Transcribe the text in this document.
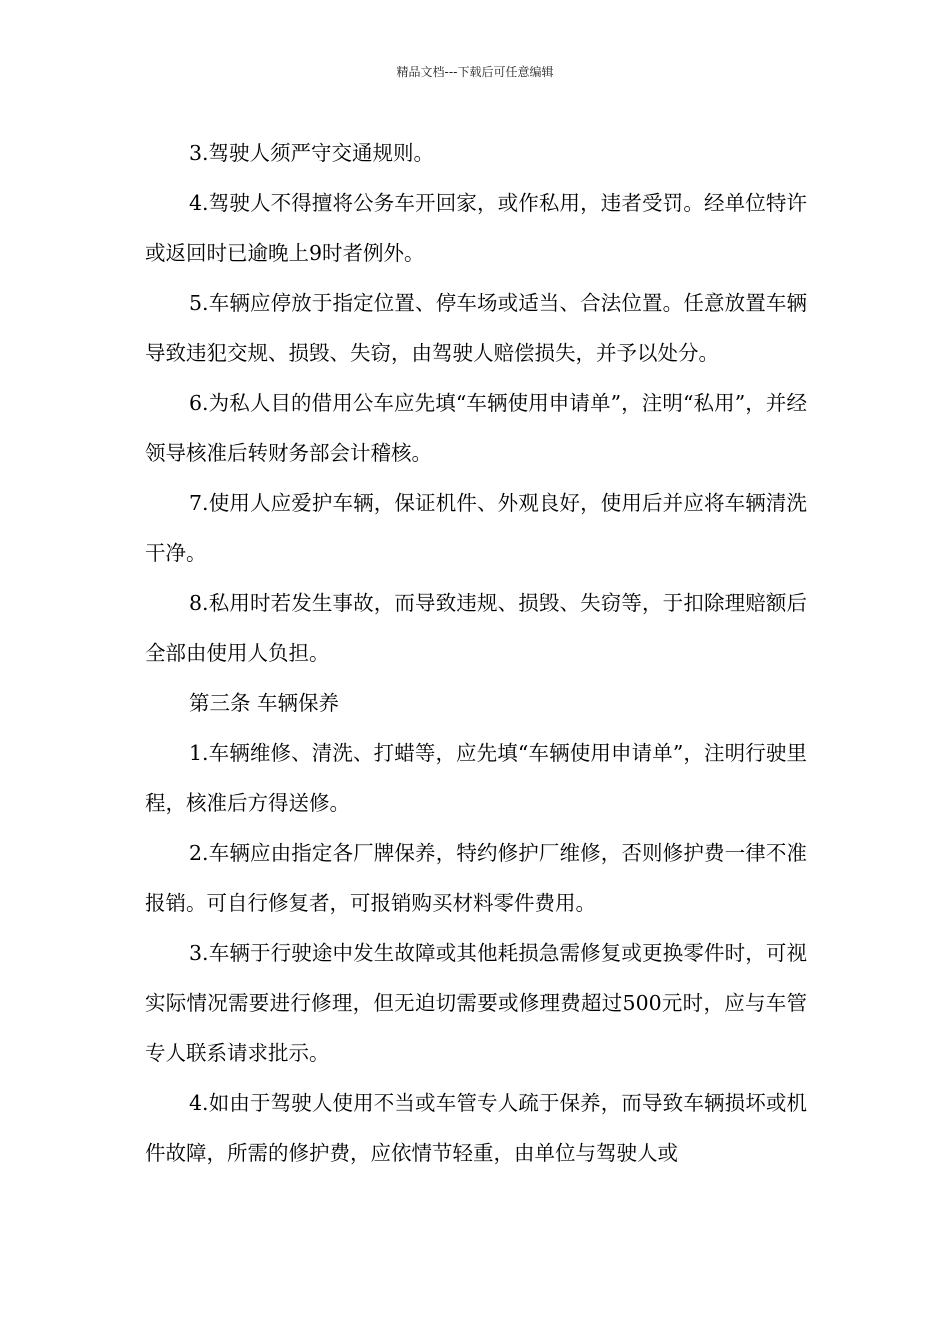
精品文档---下载后可任意编辑

3.驾驶人须严守交通规则。

4.驾驶人不得擅将公务车开回家，或作私用，违者受罚。经单位特许或返回时已逾晚上9时者例外。

5.车辆应停放于指定位置、停车场或适当、合法位置。任意放置车辆导致违犯交规、损毁、失窃，由驾驶人赔偿损失，并予以处分。

6.为私人目的借用公车应先填“车辆使用申请单”，注明“私用”，并经领导核准后转财务部会计稽核。

7.使用人应爱护车辆，保证机件、外观良好，使用后并应将车辆清洗干净。

8.私用时若发生事故，而导致违规、损毁、失窃等，于扣除理赔额后全部由使用人负担。

第三条 车辆保养

1.车辆维修、清洗、打蜡等，应先填“车辆使用申请单”，注明行驶里程，核准后方得送修。

2.车辆应由指定各厂牌保养，特约修护厂维修，否则修护费一律不准报销。可自行修复者，可报销购买材料零件费用。

3.车辆于行驶途中发生故障或其他耗损急需修复或更换零件时，可视实际情况需要进行修理，但无迫切需要或修理费超过500元时，应与车管专人联系请求批示。

4.如由于驾驶人使用不当或车管专人疏于保养，而导致车辆损坏或机件故障，所需的修护费，应依情节轻重，由单位与驾驶人或
